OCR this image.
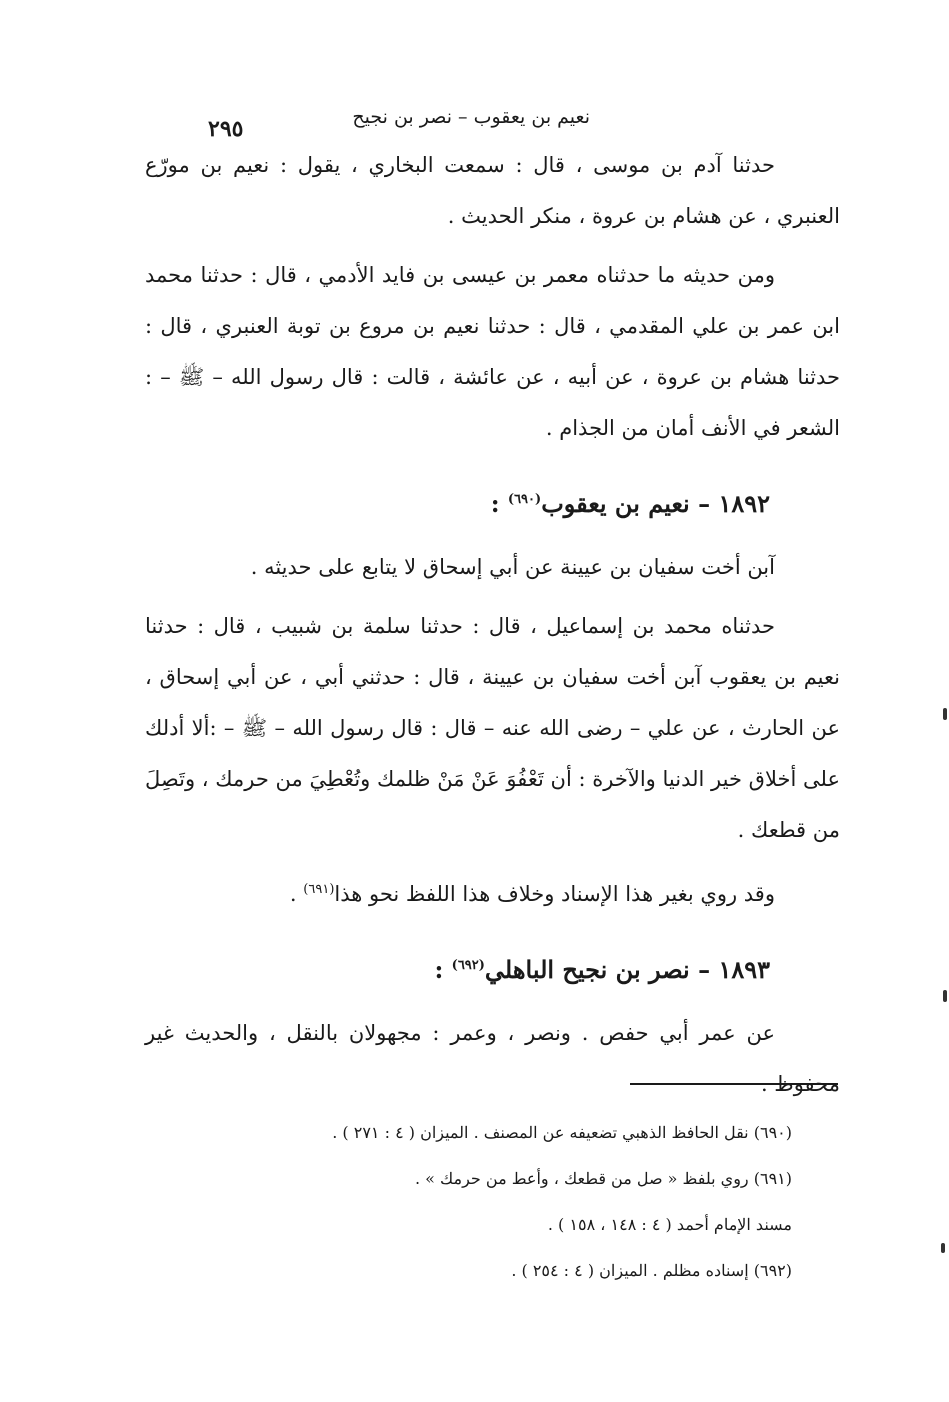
نعيم بن يعقوب – نصر بن نجيح
٢٩٥

حدثنا آدم بن موسى ، قال : سمعت البخاري ، يقول : نعيم بن مورّع العنبري ، عن هشام بن عروة ، منكر الحديث .

ومن حديثه ما حدثناه معمر بن عيسى بن فايد الأدمي ، قال : حدثنا محمد ابن عمر بن علي المقدمي ، قال : حدثنا نعيم بن مروع بن توبة العنبري ، قال : حدثنا هشام بن عروة ، عن أبيه ، عن عائشة ، قالت : قال رسول الله – ﷺ – : الشعر في الأنف أمان من الجذام .

١٨٩٢ – نعيم بن يعقوب$^{(٦٩٠)}$ :

آبن أخت سفيان بن عيينة عن أبي إسحاق لا يتابع على حديثه .

حدثناه محمد بن إسماعيل ، قال : حدثنا سلمة بن شبيب ، قال : حدثنا نعيم بن يعقوب آبن أخت سفيان بن عيينة ، قال : حدثني أبي ، عن أبي إسحاق ، عن الحارث ، عن علي – رضى الله عنه – قال : قال رسول الله – ﷺ – :ألا أدلك على أخلاق خير الدنيا والآخرة : أن تَعْفُوَ عَنْ مَنْ ظلمك وتُعْطِيَ من حرمك ، وتَصِلَ من قطعك .

وقد روي بغير هذا الإسناد وخلاف هذا اللفظ نحو هذا$^{(٦٩١)}$ .

١٨٩٣ – نصر بن نجيح الباهلي$^{(٦٩٢)}$ :

عن عمر أبي حفص . ونصر ، وعمر : مجهولان بالنقل ، والحديث غير محفوظ .

(٦٩٠) نقل الحافظ الذهبي تضعيفه عن المصنف . الميزان ( ٤ : ٢٧١ ) .

(٦٩١) روي بلفظ « صل من قطعك ، وأعط من حرمك » .

مسند الإمام أحمد ( ٤ : ١٤٨ ، ١٥٨ ) .

(٦٩٢) إسناده مظلم . الميزان ( ٤ : ٢٥٤ ) .
